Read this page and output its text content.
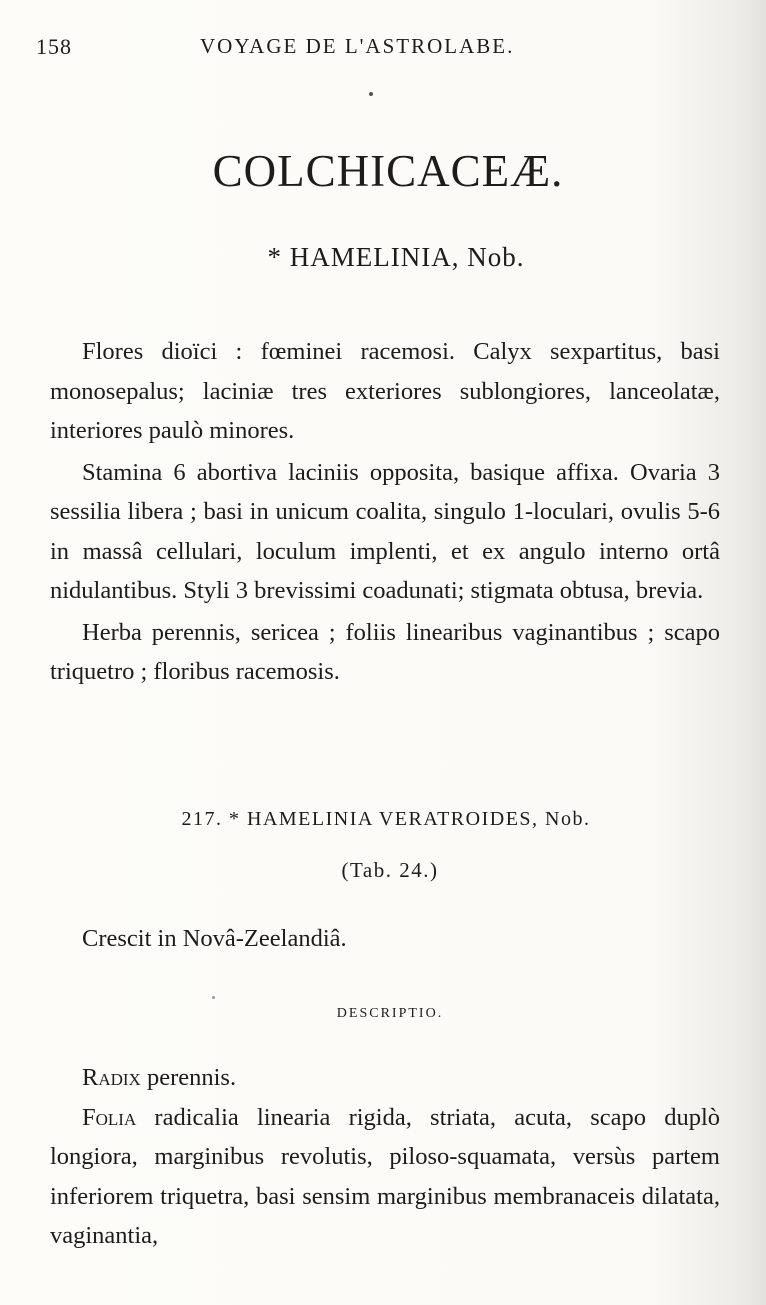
158	VOYAGE DE L'ASTROLABE.
COLCHICACEÆ.
* HAMELINIA, Nob.

Flores dioïci : fœminei racemosi. Calyx sexpartitus, basi monosepalus; laciniæ tres exteriores sublongiores, lanceolatæ, interiores paulò minores.

Stamina 6 abortiva laciniis opposita, basique affixa. Ovaria 3 sessilia libera ; basi in unicum coalita, singulo 1-loculari, ovulis 5-6 in massâ cellulari, loculum implenti, et ex angulo interno ortâ nidulantibus. Styli 3 brevissimi coadunati; stigmata obtusa, brevia.

Herba perennis, sericea ; foliis linearibus vaginantibus ; scapo triquetro ; floribus racemosis.

217. * HAMELINIA VERATROIDES, Nob.
(Tab. 24.)
Crescit in Novâ-Zeelandiâ.
DESCRIPTIO.

Radix perennis.

Folia radicalia linearia rigida, striata, acuta, scapo duplò longiora, marginibus revolutis, piloso-squamata, versùs partem inferiorem triquetra, basi sensim marginibus membranaceis dilatata, vaginantia,
